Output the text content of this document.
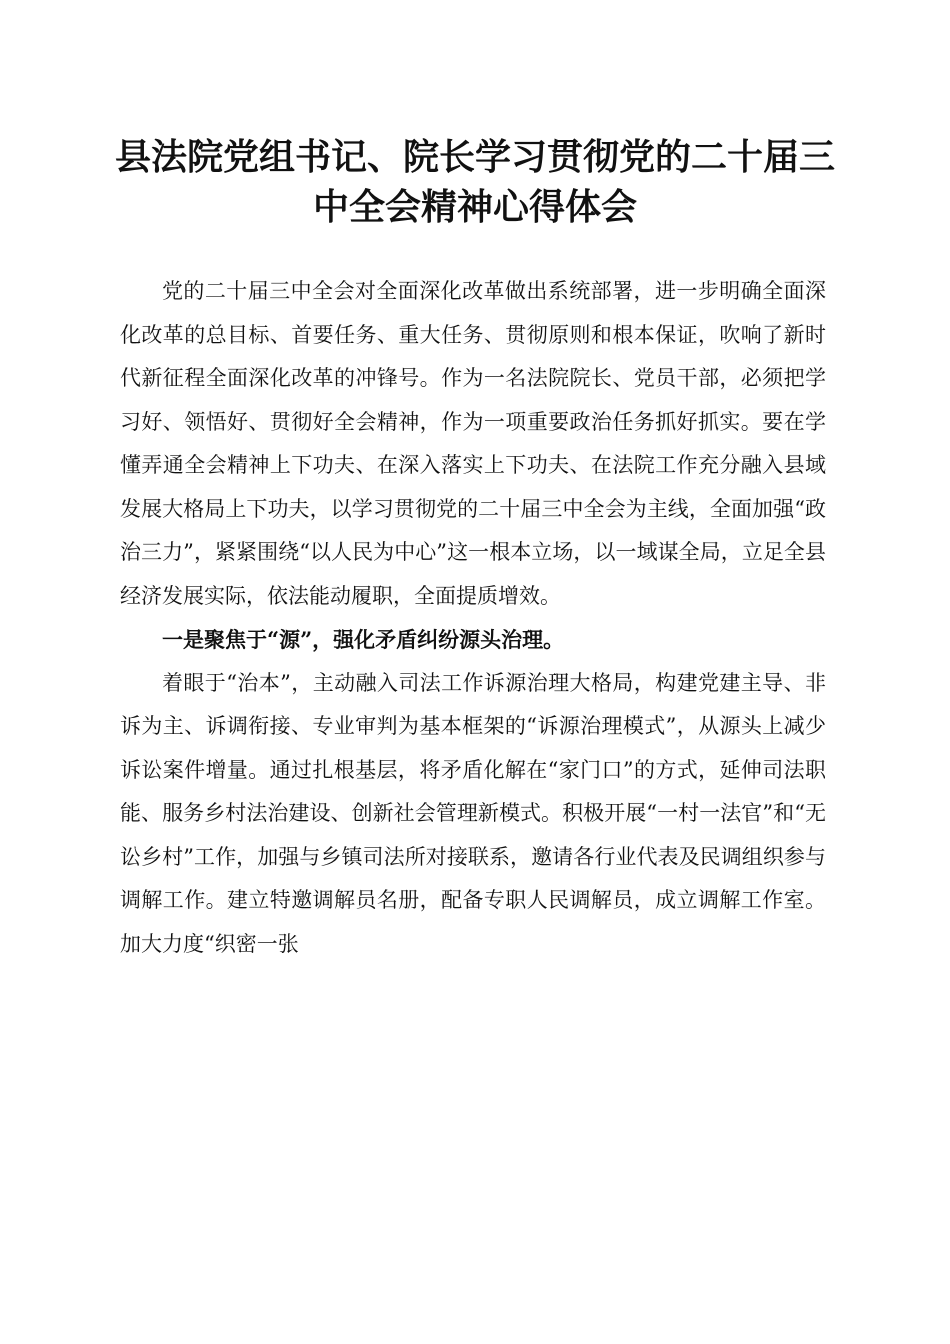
县法院党组书记、院长学习贯彻党的二十届三
中全会精神心得体会

党的二十届三中全会对全面深化改革做出系统部署，进一步明确全面深化改革的总目标、首要任务、重大任务、贯彻原则和根本保证，吹响了新时代新征程全面深化改革的冲锋号。作为一名法院院长、党员干部，必须把学习好、领悟好、贯彻好全会精神，作为一项重要政治任务抓好抓实。要在学懂弄通全会精神上下功夫、在深入落实上下功夫、在法院工作充分融入县域发展大格局上下功夫，以学习贯彻党的二十届三中全会为主线，全面加强“政治三力”，紧紧围绕“以人民为中心”这一根本立场，以一域谋全局，立足全县经济发展实际，依法能动履职，全面提质增效。

一是聚焦于“源”，强化矛盾纠纷源头治理。

着眼于“治本”，主动融入司法工作诉源治理大格局，构建党建主导、非诉为主、诉调衔接、专业审判为基本框架的“诉源治理模式”，从源头上减少诉讼案件增量。通过扎根基层，将矛盾化解在“家门口”的方式，延伸司法职能、服务乡村法治建设、创新社会管理新模式。积极开展“一村一法官”和“无讼乡村”工作，加强与乡镇司法所对接联系，邀请各行业代表及民调组织参与调解工作。建立特邀调解员名册，配备专职人民调解员，成立调解工作室。加大力度“织密一张
